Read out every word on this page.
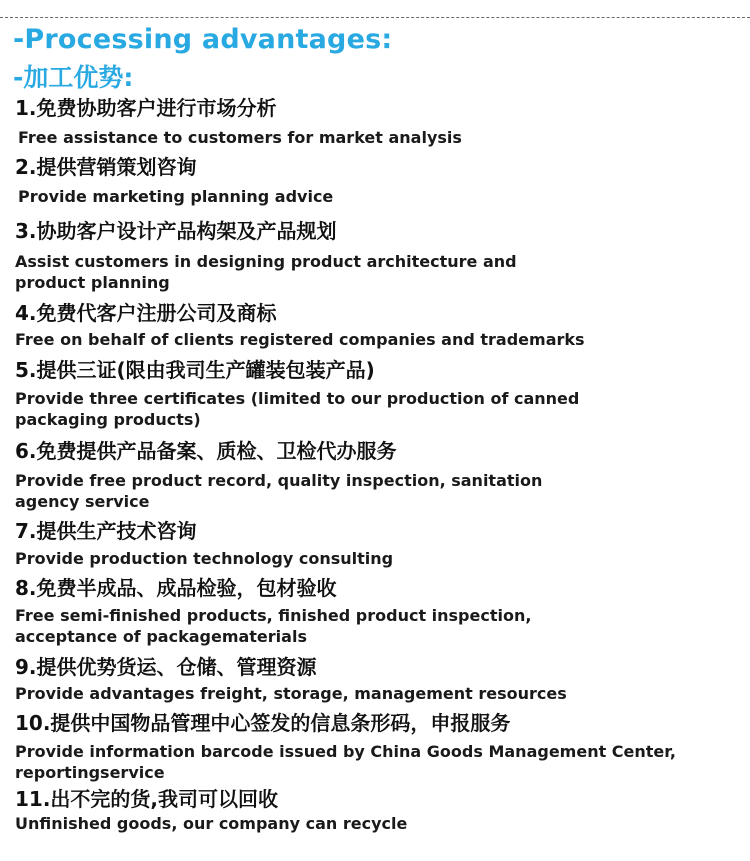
-Processing advantages:
-加工优势:
1.免费协助客户进行市场分析
Free assistance to customers for market analysis
2.提供营销策划咨询
Provide marketing planning advice
3.协助客户设计产品构架及产品规划
Assist customers in designing product architecture and
product planning
4.免费代客户注册公司及商标
Free on behalf of clients registered companies and trademarks
5.提供三证(限由我司生产罐装包装产品)
Provide three certificates (limited to our production of canned
packaging products)
6.免费提供产品备案、质检、卫检代办服务
Provide free product record, quality inspection, sanitation
agency service
7.提供生产技术咨询
Provide production technology consulting
8.免费半成品、成品检验，包材验收
Free semi-finished products, finished product inspection,
acceptance of packagematerials
9.提供优势货运、仓储、管理资源
Provide advantages freight, storage, management resources
10.提供中国物品管理中心签发的信息条形码，申报服务
Provide information barcode issued by China Goods Management Center,
reportingservice
11.出不完的货,我司可以回收
Unfinished goods, our company can recycle
